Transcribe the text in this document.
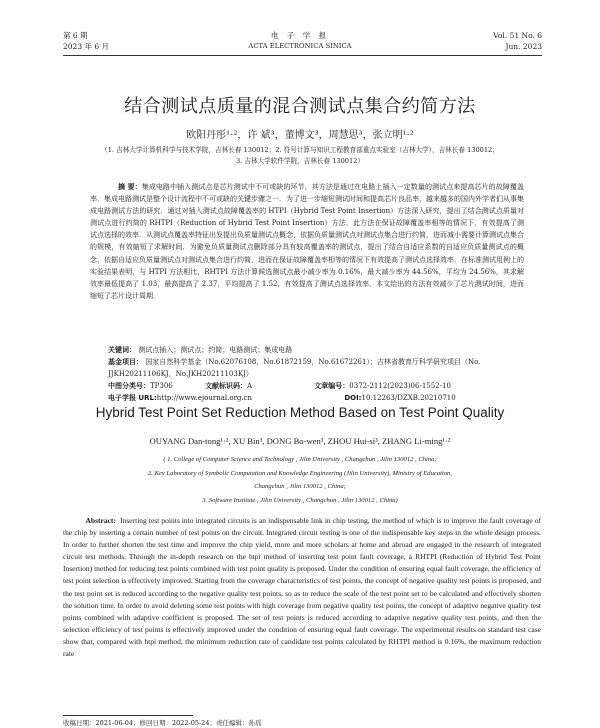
第 6 期
2023 年 6 月
电 子 学 报
ACTA ELECTRONICA SINICA
Vol. 51 No. 6
Jun. 2023
结合测试点质量的混合测试点集合约简方法
欧阳丹彤¹·²，许 斌³，董博文³，周慧思³，张立明¹·²
（1. 吉林大学计算机科学与技术学院，吉林长春 130012；2. 符号计算与知识工程教育部重点实验室（吉林大学），吉林长春 130012；
3. 吉林大学软件学院，吉林长春 130012）
摘 要：集成电路中插入测试点是芯片测试中不可或缺的环节，其方法是通过在电路上插入一定数量的测试点来提高芯片的故障覆盖率．集成电路测试是整个设计流程中不可或缺的关键步骤之一．为了进一步缩短测试时间和提高芯片良品率，越来越多的国内外学者们从事集成电路测试方法的研究．通过对插入测试点故障覆盖率的 HTPI（Hybrid Test Point Insertion）方法深入研究，提出了结合测试点质量对测试点进行约简的 RHTPI（Reduction of Hybrid Test Point Insertion）方法．此方法在保证故障覆盖率相等的情况下，有效提高了测试点选择的效率．从测试点覆盖率特征出发提出负质量测试点概念，依据负质量测试点对测试点集合进行约简，进而减小需要计算测试点集合的规模，有效缩短了求解时间．为避免负质量测试点删除部分具有较高覆盖率的测试点，提出了结合自适应系数的自适应负质量测试点的概念，依据自适应负质量测试点对测试点集合进行约简，进而在保证故障覆盖率相等的情况下有效提高了测试点选择效率．在标准测试用例上的实验结果表明，与 HTPI 方法相比，RHTPI 方法计算候选测试点最小减少率为 0.16%，最大减少率为 44.56%，平均为 24.56%，其求解效率最低提高了 1.03，最高提高了 2.37，平均提高了 1.52，有效提高了测试点选择效率．本文给出的方法有效减少了芯片测试时间，进而缩短了芯片设计周期．
关键词： 测试点插入；测试点；约简；电路测试；集成电路
基金项目： 国家自然科学基金（No.62076108，No.61872159，No.61672261）；吉林省教育厅科学研究项目（No. JJKH20211106KJ，No.JKH20211103KJ）
中图分类号：TP306	文献标识码：A	文章编号：0372-2112(2023)06-1552-10
电子学报 URL:http://www.ejournal.org.cn	DOI:10.12263/DZXB.20210710
Hybrid Test Point Set Reduction Method Based on Test Point Quality
OUYANG Dan-tong¹·², XU Bin³, DONG Bo-wen³, ZHOU Hui-si³, ZHANG Li-ming¹·²
( 1. College of Computer Science and Technology , Jilin University , Changchun , Jilin 130012 , China;
2. Key Laboratory of Symbolic Computation and Knowledge Engineering (Jilin University), Ministry of Education,
Changchun , Jilin 130012 , China;
3. Software Institute , Jilin University , Changchun , Jilin 130012 , China)
Abstract: Inserting test points into integrated circuits is an indispensable link in chip testing, the method of which is to improve the fault coverage of the chip by inserting a certain number of test points on the circuit. Integrated circuit testing is one of the indispensable key steps in the whole design process. In order to further shorten the test time and improve the chip yield, more and more scholars at home and abroad are engaged in the research of integrated circuit test methods. Through the in-depth research on the htpi method of inserting test point fault coverage, a RHTPI (Reduction of Hybrid Test Point Insertion) method for reducing test points combined with test point quality is proposed. Under the condition of ensuring equal fault coverage, the efficiency of test point selection is effectively improved. Starting from the coverage characteristics of test points, the concept of negative quality test points is proposed, and the test point set is reduced according to the negative quality test points, so as to reduce the scale of the test point set to be calculated and effectively shorten the solution time. In order to avoid deleting some test points with high coverage from negative quality test points, the concept of adaptive negative quality test points combined with adaptive coefficient is proposed. The set of test points is reduced according to adaptive negative quality test points, and then the selection efficiency of test points is effectively improved under the condition of ensuring equal fault coverage. The experimental results on standard test case show that, compared with htpi method, the minimum reduction rate of candidate test points calculated by RHTPI method is 0.16%, the maximum reduction rate
收稿日期：2021-06-04；修回日期：2022-05-24；责任编辑：孙瑶
